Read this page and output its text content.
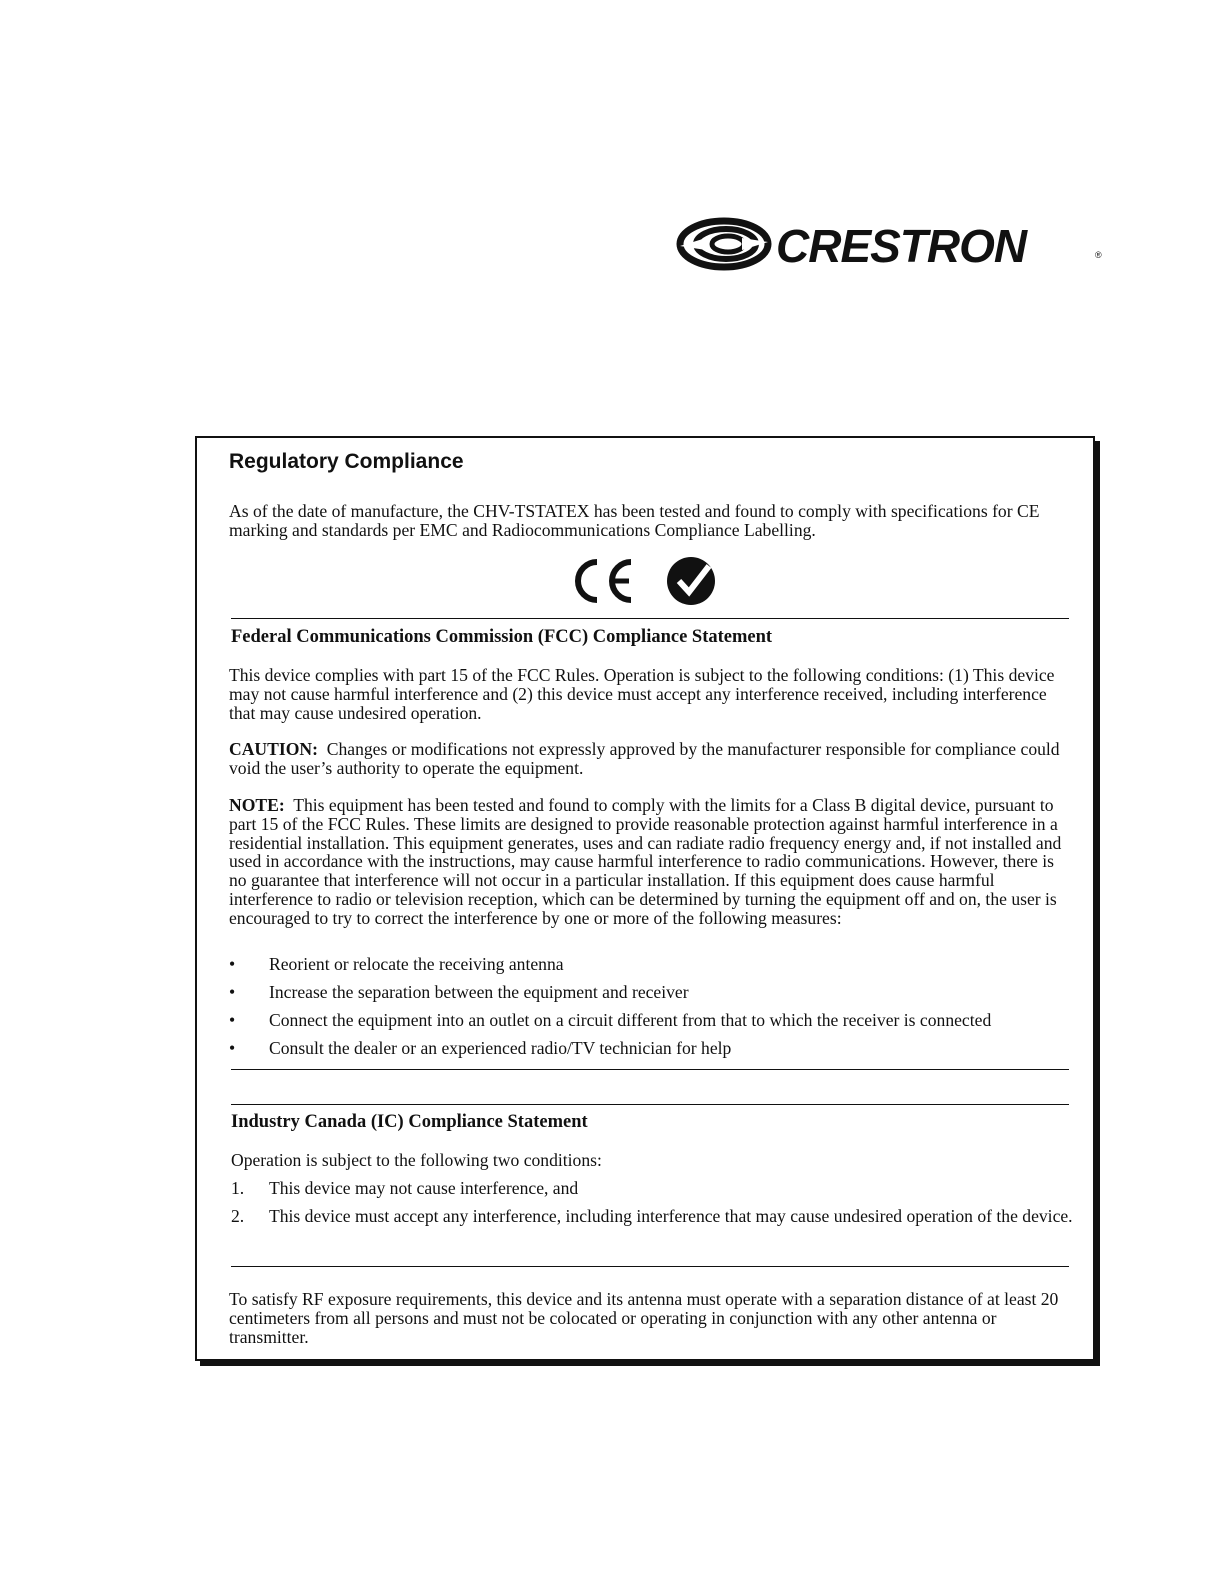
CRESTRON	®
Regulatory Compliance

As of the date of manufacture, the CHV-TSTATEX has been tested and found to comply with specifications for CE marking and standards per EMC and Radiocommunications Compliance Labelling.

Federal Communications Commission (FCC) Compliance Statement

This device complies with part 15 of the FCC Rules. Operation is subject to the following conditions: (1) This device may not cause harmful interference and (2) this device must accept any interference received, including interference that may cause undesired operation.

CAUTION: Changes or modifications not expressly approved by the manufacturer responsible for compliance could void the user’s authority to operate the equipment.

NOTE: This equipment has been tested and found to comply with the limits for a Class B digital device, pursuant to part 15 of the FCC Rules. These limits are designed to provide reasonable protection against harmful interference in a residential installation. This equipment generates, uses and can radiate radio frequency energy and, if not installed and used in accordance with the instructions, may cause harmful interference to radio communications. However, there is no guarantee that interference will not occur in a particular installation. If this equipment does cause harmful interference to radio or television reception, which can be determined by turning the equipment off and on, the user is encouraged to try to correct the interference by one or more of the following measures:

• Reorient or relocate the receiving antenna
• Increase the separation between the equipment and receiver
• Connect the equipment into an outlet on a circuit different from that to which the receiver is connected
• Consult the dealer or an experienced radio/TV technician for help
Industry Canada (IC) Compliance Statement

Operation is subject to the following two conditions:

1. This device may not cause interference, and
2. This device must accept any interference, including interference that may cause undesired operation of the device.

To satisfy RF exposure requirements, this device and its antenna must operate with a separation distance of at least 20 centimeters from all persons and must not be colocated or operating in conjunction with any other antenna or transmitter.
